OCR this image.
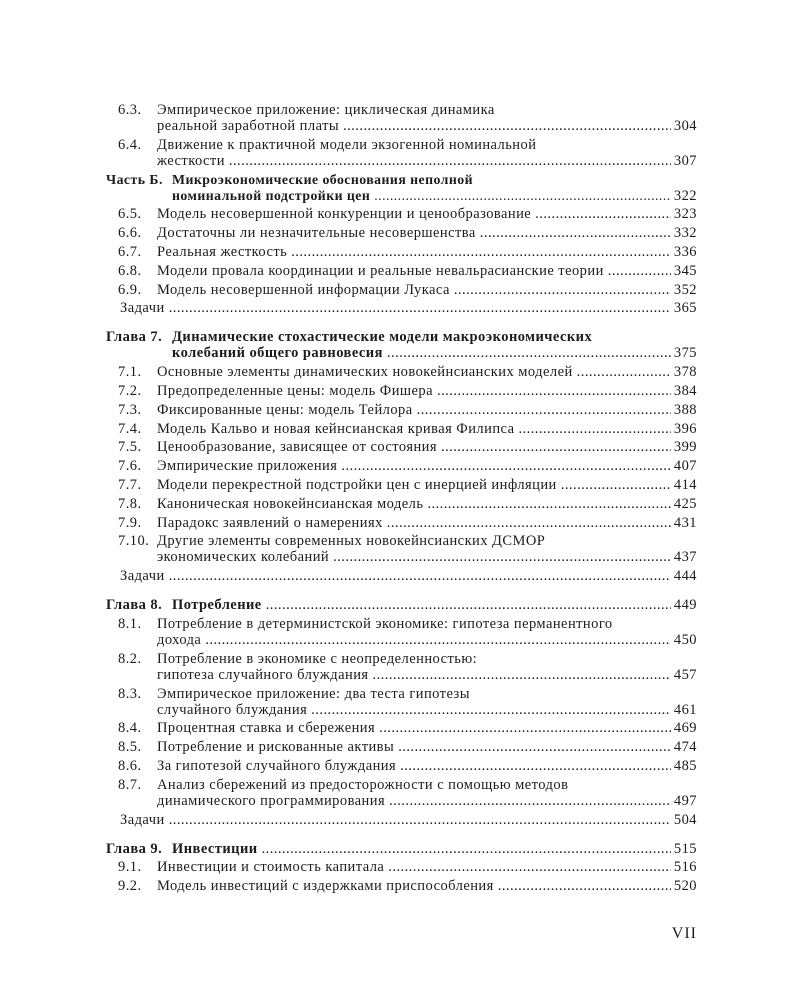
6.3.	Эмпирическое приложение: циклическая динамика
реальной заработной платы .....	304
6.4.	Движение к практичной модели экзогенной номинальной
жесткости .....	307
Часть Б. Микроэкономические обоснования неполной
номинальной подстройки цен .....	322
6.5.	Модель несовершенной конкуренции и ценообразование .....	323
6.6.	Достаточны ли незначительные несовершенства .....	332
6.7.	Реальная жесткость .....	336
6.8.	Модели провала координации и реальные невальрасианские теории .....	345
6.9.	Модель несовершенной информации Лукаса .....	352
Задачи .....	365
Глава 7. Динамические стохастические модели макроэкономических
колебаний общего равновесия .....	375
7.1.	Основные элементы динамических новокейнсианских моделей .....	378
7.2.	Предопределенные цены: модель Фишера .....	384
7.3.	Фиксированные цены: модель Тейлора .....	388
7.4.	Модель Кальво и новая кейнсианская кривая Филипса .....	396
7.5.	Ценообразование, зависящее от состояния .....	399
7.6.	Эмпирические приложения .....	407
7.7.	Модели перекрестной подстройки цен с инерцией инфляции .....	414
7.8.	Каноническая новокейнсианская модель .....	425
7.9.	Парадокс заявлений о намерениях .....	431
7.10. Другие элементы современных новокейнсианских ДСМОР
экономических колебаний .....	437
Задачи .....	444
Глава 8. Потребление .....	449
8.1.	Потребление в детерминистской экономике: гипотеза перманентного
дохода .....	450
8.2.	Потребление в экономике с неопределенностью:
гипотеза случайного блуждания .....	457
8.3.	Эмпирическое приложение: два теста гипотезы
случайного блуждания .....	461
8.4.	Процентная ставка и сбережения .....	469
8.5.	Потребление и рискованные активы .....	474
8.6.	За гипотезой случайного блуждания .....	485
8.7.	Анализ сбережений из предосторожности с помощью методов
динамического программирования .....	497
Задачи .....	504
Глава 9. Инвестиции .....	515
9.1.	Инвестиции и стоимость капитала .....	516
9.2.	Модель инвестиций с издержками приспособления .....	520
VII
